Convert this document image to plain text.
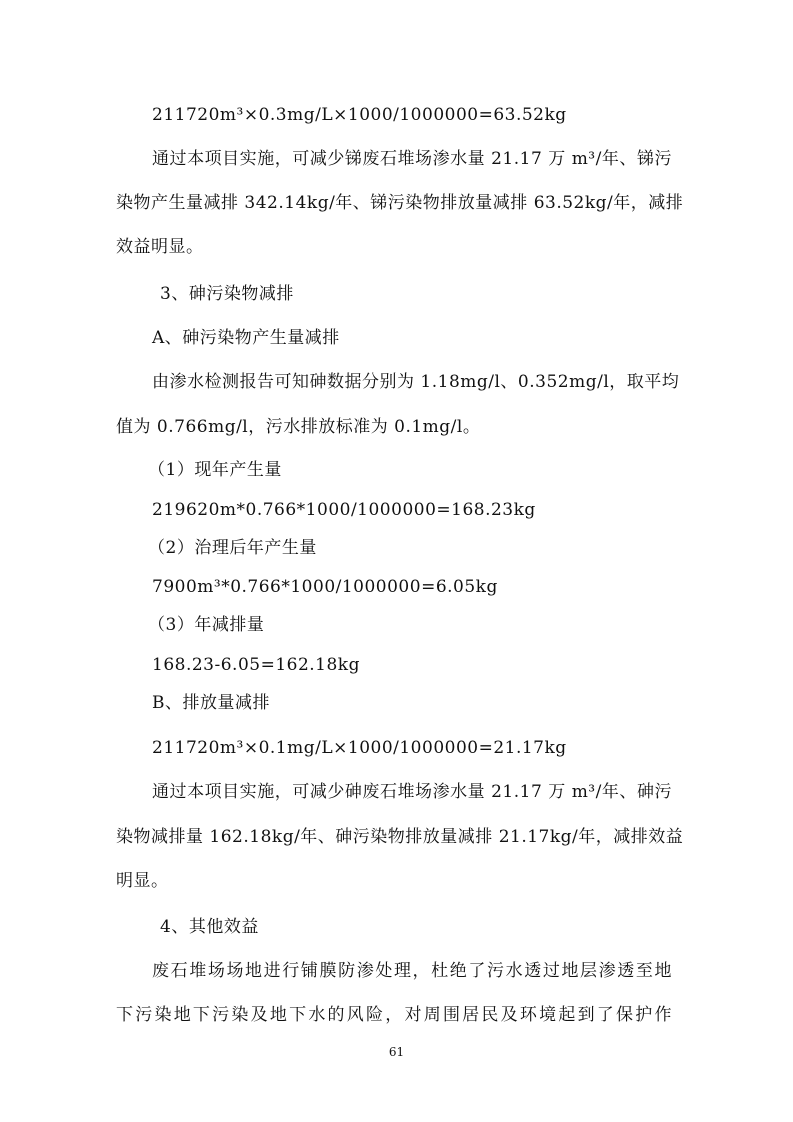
211720m³×0.3mg/L×1000/1000000=63.52kg

通过本项目实施，可减少锑废石堆场渗水量 21.17 万 m³/年、锑污

染物产生量减排 342.14kg/年、锑污染物排放量减排 63.52kg/年，减排

效益明显。

3、砷污染物减排

A、砷污染物产生量减排

由渗水检测报告可知砷数据分别为 1.18mg/l、0.352mg/l，取平均

值为 0.766mg/l，污水排放标准为 0.1mg/l。

（1）现年产生量

219620m*0.766*1000/1000000=168.23kg

（2）治理后年产生量

7900m³*0.766*1000/1000000=6.05kg

（3）年减排量

168.23-6.05=162.18kg

B、排放量减排

211720m³×0.1mg/L×1000/1000000=21.17kg

通过本项目实施，可减少砷废石堆场渗水量 21.17 万 m³/年、砷污

染物减排量 162.18kg/年、砷污染物排放量减排 21.17kg/年，减排效益

明显。

4、其他效益

废石堆场场地进行铺膜防渗处理，杜绝了污水透过地层渗透至地

下污染地下污染及地下水的风险，对周围居民及环境起到了保护作

61
